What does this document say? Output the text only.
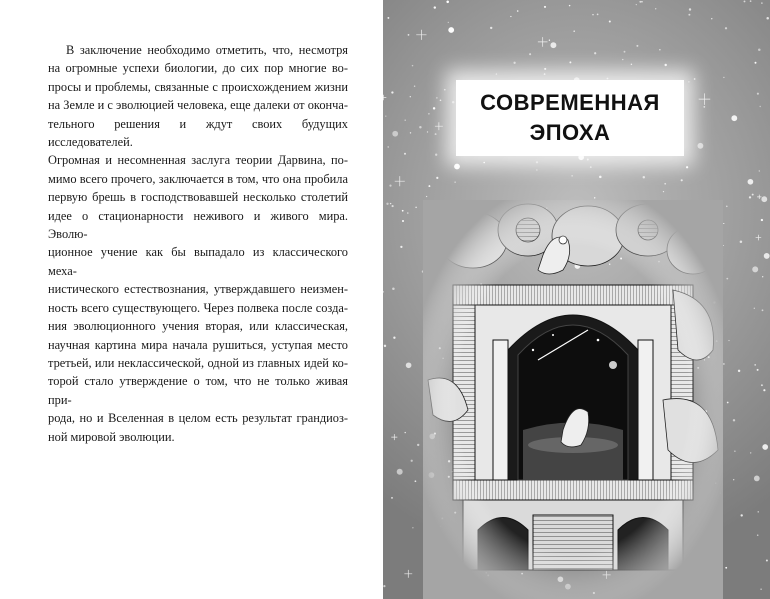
В заключение необходимо отметить, что, несмотря
на огромные успехи биологии, до сих пор многие во-
просы и проблемы, связанные с происхождением жизни
на Земле и с эволюцией человека, еще далеки от оконча-
тельного решения и ждут своих будущих исследователей.
Огромная и несомненная заслуга теории Дарвина, по-
мимо всего прочего, заключается в том, что она пробила
первую брешь в господствовавшей несколько столетий
идее о стационарности неживого и живого мира. Эволю-
ционное учение как бы выпадало из классического меха-
нистического естествознания, утверждавшего неизмен-
ность всего существующего. Через полвека после созда-
ния эволюционного учения вторая, или классическая,
научная картина мира начала рушиться, уступая место
третьей, или неклассической, одной из главных идей ко-
торой стало утверждение о том, что не только живая при-
рода, но и Вселенная в целом есть результат грандиоз-
ной мировой эволюции.

СОВРЕМЕННАЯ
ЭПОХА
